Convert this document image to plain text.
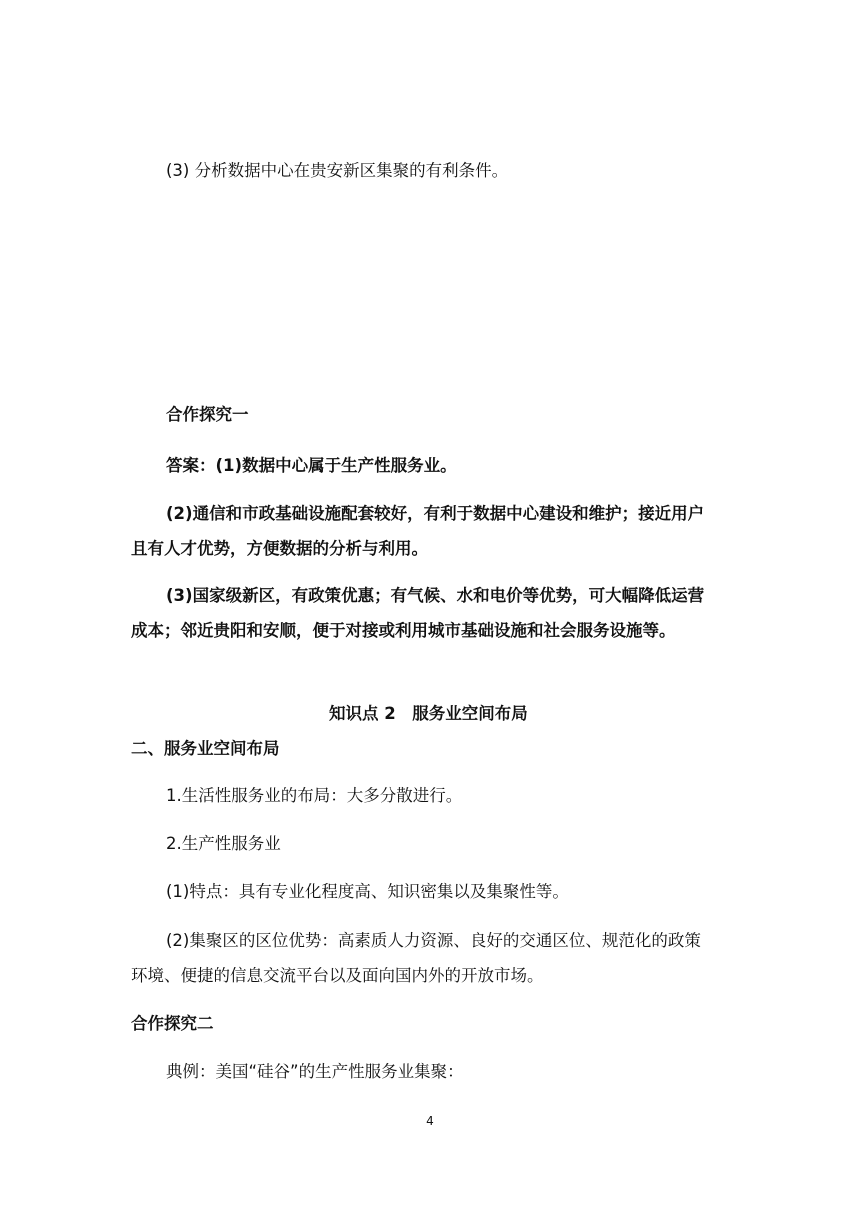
(3) 分析数据中心在贵安新区集聚的有利条件。
合作探究一
答案：(1)数据中心属于生产性服务业。
(2)通信和市政基础设施配套较好，有利于数据中心建设和维护；接近用户
且有人才优势，方便数据的分析与利用。
(3)国家级新区，有政策优惠；有气候、水和电价等优势，可大幅降低运营
成本；邻近贵阳和安顺，便于对接或利用城市基础设施和社会服务设施等。
知识点 2　服务业空间布局
二、服务业空间布局
1.生活性服务业的布局：大多分散进行。
2.生产性服务业
(1)特点：具有专业化程度高、知识密集以及集聚性等。
(2)集聚区的区位优势：高素质人力资源、良好的交通区位、规范化的政策
环境、便捷的信息交流平台以及面向国内外的开放市场。
合作探究二
典例：美国“硅谷”的生产性服务业集聚：
4
